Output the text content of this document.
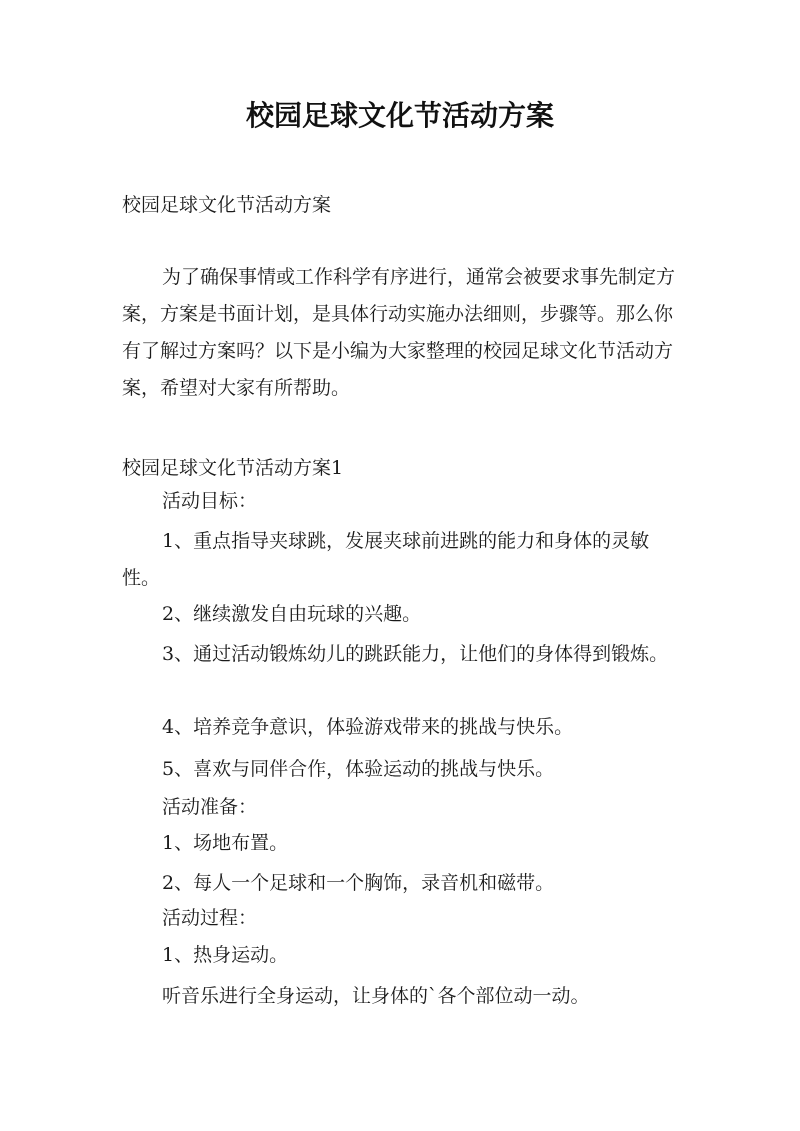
校园足球文化节活动方案
校园足球文化节活动方案

为了确保事情或工作科学有序进行，通常会被要求事先制定方案，方案是书面计划，是具体行动实施办法细则，步骤等。那么你有了解过方案吗？以下是小编为大家整理的校园足球文化节活动方案，希望对大家有所帮助。

校园足球文化节活动方案1
活动目标：

1、重点指导夹球跳，发展夹球前进跳的能力和身体的灵敏性。

2、继续激发自由玩球的兴趣。

3、通过活动锻炼幼儿的跳跃能力，让他们的身体得到锻炼。

4、培养竞争意识，体验游戏带来的挑战与快乐。
5、喜欢与同伴合作，体验运动的挑战与快乐。
活动准备：
1、场地布置。
2、每人一个足球和一个胸饰，录音机和磁带。
活动过程：
1、热身运动。
听音乐进行全身运动，让身体的`各个部位动一动。
